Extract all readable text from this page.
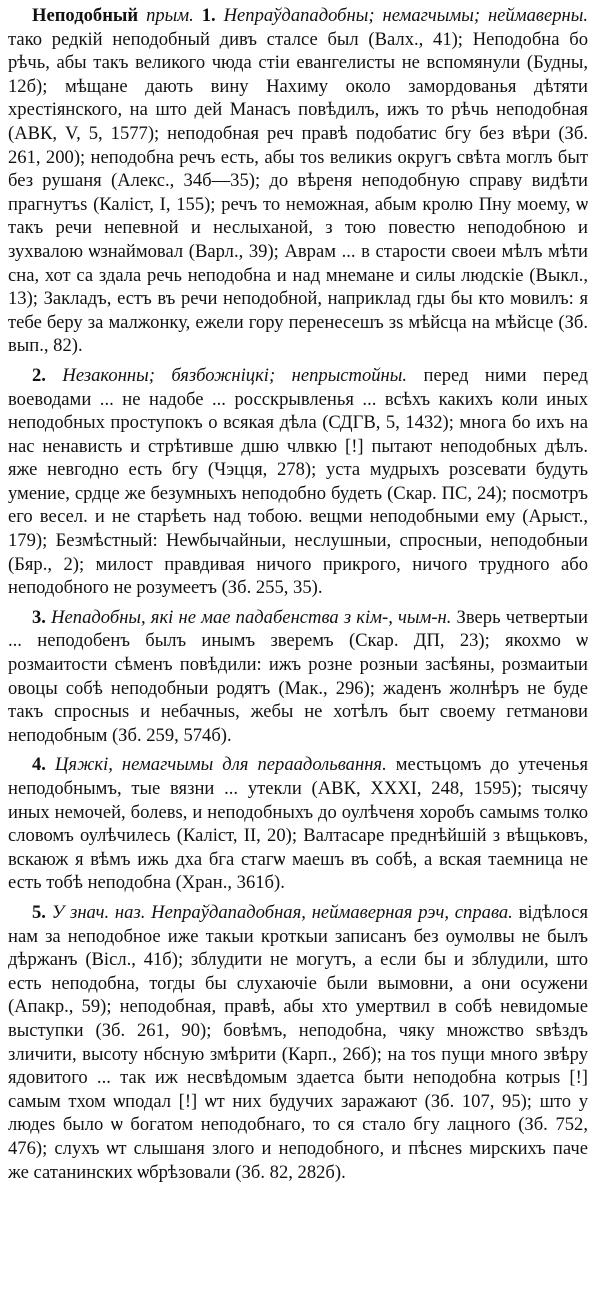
Неподобный прым. 1. Непраўдападобны; немагчымы; неймаверны. тако редкiй неподобный дивъ сталсе был (Валх., 41); Неподобна бо рѣчь, абы такъ великого чюда стiи евангелисты не вспомянули (Будны, 12б); мѣщане дають вину Нахиму около замордованья дѣтяти хрестiянского, на што дей Манасъ повѣдилъ, ижъ то рѣчь неподобная (АВК, V, 5, 1577); неподобная реч правѣ подобатис бгу без вѣри (Зб. 261, 200); неподобна речъ есть, абы тоѕ великиѕ округъ свѣта моглъ быт без рушаня (Алекс., 34б—35); до вѣреня неподобную справу видѣти прагнутъѕ (Калiст, I, 155); речъ то неможная, абым кролю Пну моему, ѡ такъ речи непевной и неслыханой, з тою повестю неподобною и зухвалою ѡзнаймовал (Варл., 39); Аврам ... в старости своеи мѣлъ мѣти сна, хот са здала речь неподобна и над мнемане и силы людскiе (Выкл., 13); Закладъ, естъ въ речи неподобной, наприклад гды бы кто мовилъ: я тебе беру за малжонку, ежели гору перенесешъ зѕ мѣйсца на мѣйсце (Зб. вып., 82).

2. Незаконны; бязбожніцкі; непрыстойны. перед ними перед воеводами ... не надобе ... росскрывленья ... всѣхъ какихъ коли иных неподобных проступокъ о всякая дѣла (СДГВ, 5, 1432); многа бо ихъ на нас ненависть и стрѣтивше дшю члвкю [!] пытают неподобных дѣлъ. яже невгодно есть бгу (Чэцця, 278); уста мудрыхъ розсевати будуть умение, срдце же безумныхъ неподобно будеть (Скар. ПС, 24); посмотръ его весел. и не старѣеть над тобою. вещми неподобными ему (Арыст., 179); Безмѣстный: Неѡбычайныи, неслушныи, спросныи, неподобныи (Бяр., 2); милост правдивая ничого прикрого, ничого трудного або неподобного не розумеетъ (Зб. 255, 35).

3. Непадобны, які не мае падабенства з кім-, чым-н. Зверь четвертыи ... неподобенъ былъ инымъ зверемъ (Скар. ДП, 23); якохмо ѡ розмаитости сѣменъ повѣдили: ижъ розне розныи засѣяны, розмаитыи овоцы собѣ неподобныи родятъ (Мак., 296); жаденъ жолнѣръ не буде такъ спросныѕ и небачныѕ, жебы не хотѣлъ быт своему гетманови неподобным (Зб. 259, 574б).

4. Цяжкі, немагчымы для пераадольвання. местьцомъ до утеченья неподобнымъ, тые вязни ... утекли (АВК, XXXI, 248, 1595); тысячу иных немочей, болевѕ, и неподобныхъ до оулѣченя хоробъ самымѕ толко словомъ оулѣчилесь (Калiст, II, 20); Валтасаре преднѣйшiй з вѣщьковъ, вскаюж я вѣмъ ижь дха бга стагѡ маешъ въ собѣ, а вская таемница не есть тобѣ неподобна (Хран., 361б).

5. У знач. наз. Непраўдападобная, неймаверная рэч, справа. вiдѣлося нам за неподобное иже такыи кроткыи записанъ без оумолвы не былъ дѣржанъ (Вiсл., 41б); зблудити не могутъ, а если бы и зблудили, што есть неподобна, тогды бы слухаючiе были вымовни, а они осужени (Апакр., 59); неподобная, правѣ, абы хто умертвил в собѣ невидомые выступки (Зб. 261, 90); бовѣмъ, неподобна, чяку множство sвѣздъ зличити, высоту нбсную змѣрити (Карп., 26б); на тоѕ пущи много звѣру ядовитого ... так иж несвѣдомым здаетса быти неподобна котрыѕ [!] самым тхом ѡподал [!] ѡт них будучих заражают (Зб. 107, 95); што у людеѕ было ѡ богатом неподобнаго, то ся стало бгу лацного (Зб. 752, 476); слухъ ѡт слышаня злого и неподобного, и пѣснеѕ мирскихъ паче же сатанинских ѡбрѣзовали (Зб. 82, 282б).
